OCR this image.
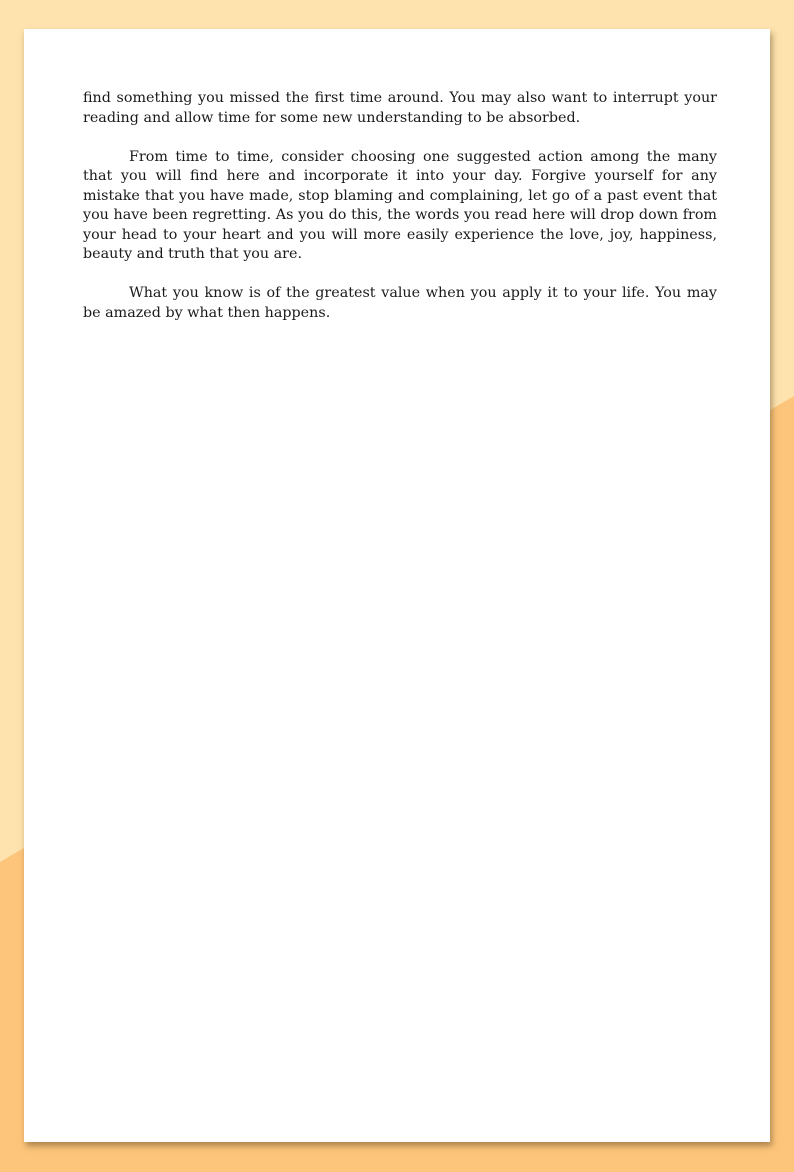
find something you missed the first time around. You may also want to interrupt your reading and allow time for some new understanding to be absorbed.

From time to time, consider choosing one suggested action among the many that you will find here and incorporate it into your day. Forgive yourself for any mistake that you have made, stop blaming and complaining, let go of a past event that you have been regretting. As you do this, the words you read here will drop down from your head to your heart and you will more easily experience the love, joy, happiness, beauty and truth that you are.

What you know is of the greatest value when you apply it to your life. You may be amazed by what then happens.
